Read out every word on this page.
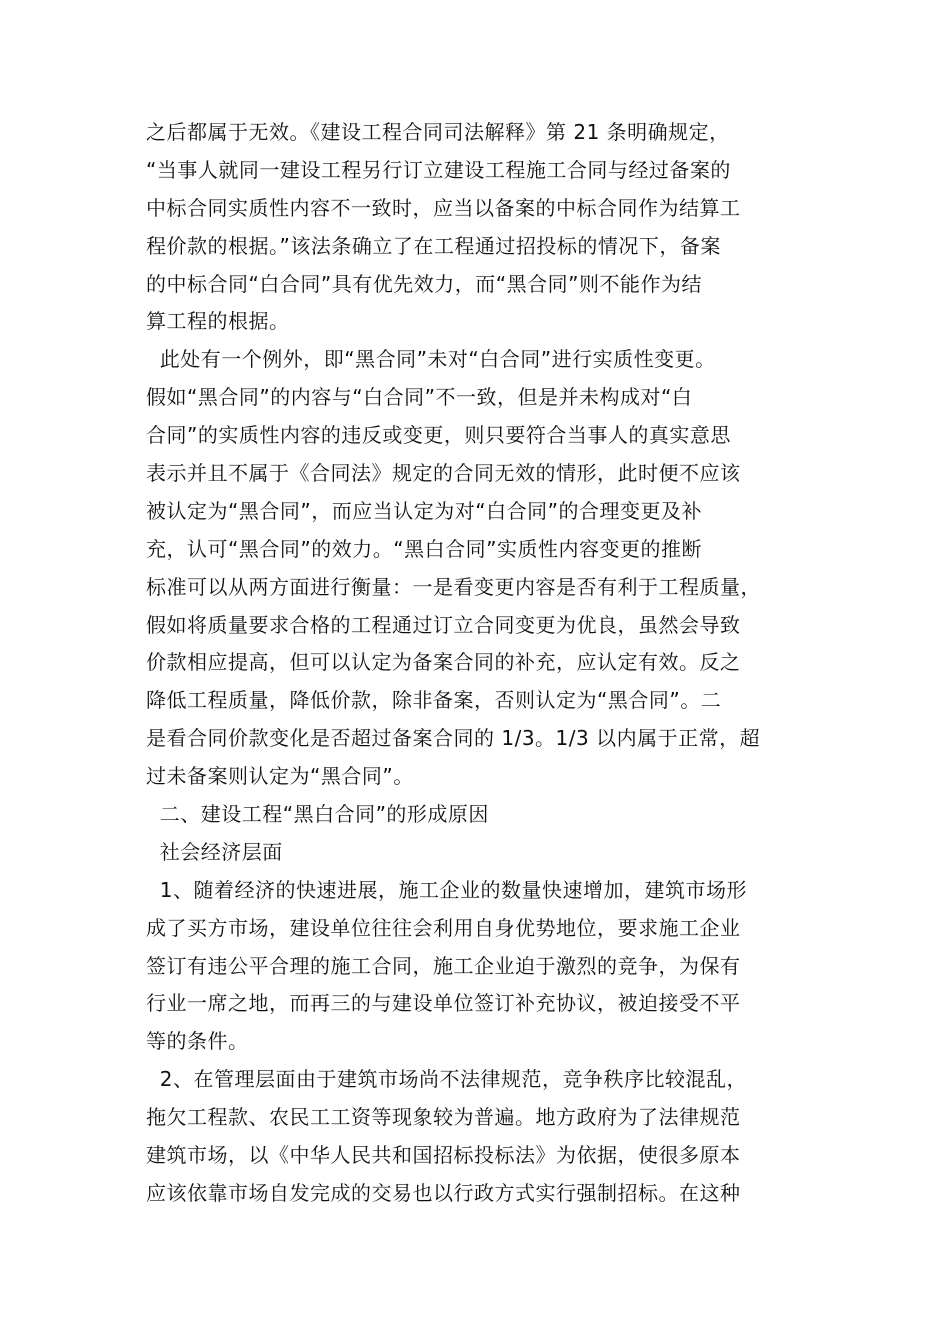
之后都属于无效。《建设工程合同司法解释》第 21 条明确规定，
“当事人就同一建设工程另行订立建设工程施工合同与经过备案的
中标合同实质性内容不一致时，应当以备案的中标合同作为结算工
程价款的根据。”该法条确立了在工程通过招投标的情况下，备案
的中标合同“白合同”具有优先效力，而“黑合同”则不能作为结
算工程的根据。
此处有一个例外，即“黑合同”未对“白合同”进行实质性变更。
假如“黑合同”的内容与“白合同”不一致，但是并未构成对“白
合同”的实质性内容的违反或变更，则只要符合当事人的真实意思
表示并且不属于《合同法》规定的合同无效的情形，此时便不应该
被认定为“黑合同”，而应当认定为对“白合同”的合理变更及补
充，认可“黑合同”的效力。“黑白合同”实质性内容变更的推断
标准可以从两方面进行衡量：一是看变更内容是否有利于工程质量，
假如将质量要求合格的工程通过订立合同变更为优良，虽然会导致
价款相应提高，但可以认定为备案合同的补充，应认定有效。反之
降低工程质量，降低价款，除非备案，否则认定为“黑合同”。二
是看合同价款变化是否超过备案合同的 1/3。1/3 以内属于正常，超
过未备案则认定为“黑合同”。
二、建设工程“黑白合同”的形成原因
社会经济层面
1、随着经济的快速进展，施工企业的数量快速增加，建筑市场形
成了买方市场，建设单位往往会利用自身优势地位，要求施工企业
签订有违公平合理的施工合同，施工企业迫于激烈的竞争，为保有
行业一席之地，而再三的与建设单位签订补充协议，被迫接受不平
等的条件。
2、在管理层面由于建筑市场尚不法律规范，竞争秩序比较混乱，
拖欠工程款、农民工工资等现象较为普遍。地方政府为了法律规范
建筑市场，以《中华人民共和国招标投标法》为依据，使很多原本
应该依靠市场自发完成的交易也以行政方式实行强制招标。在这种
